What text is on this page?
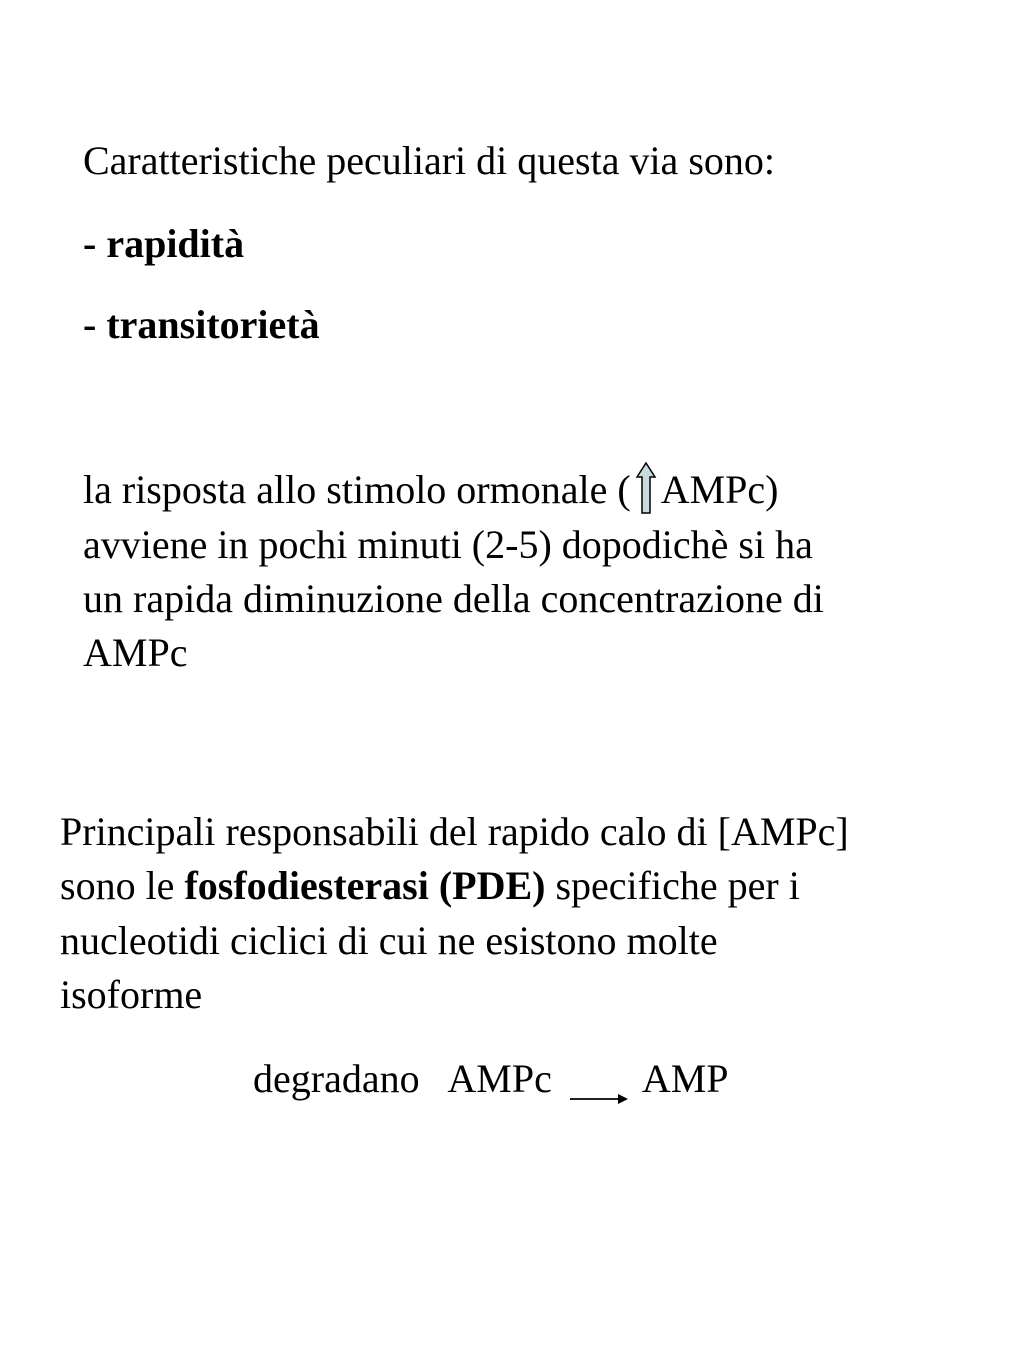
Caratteristiche peculiari di questa via sono:
- rapidità
- transitorietà
la risposta allo stimolo ormonale ( AMPc)
avviene in pochi minuti (2-5) dopodichè si ha
un rapida diminuzione della concentrazione di
AMPc
Principali responsabili del rapido calo di [AMPc]
sono le fosfodiesterasi (PDE) specifiche per i
nucleotidi ciclici di cui ne esistono molte
isoforme
degradano AMPc AMP
